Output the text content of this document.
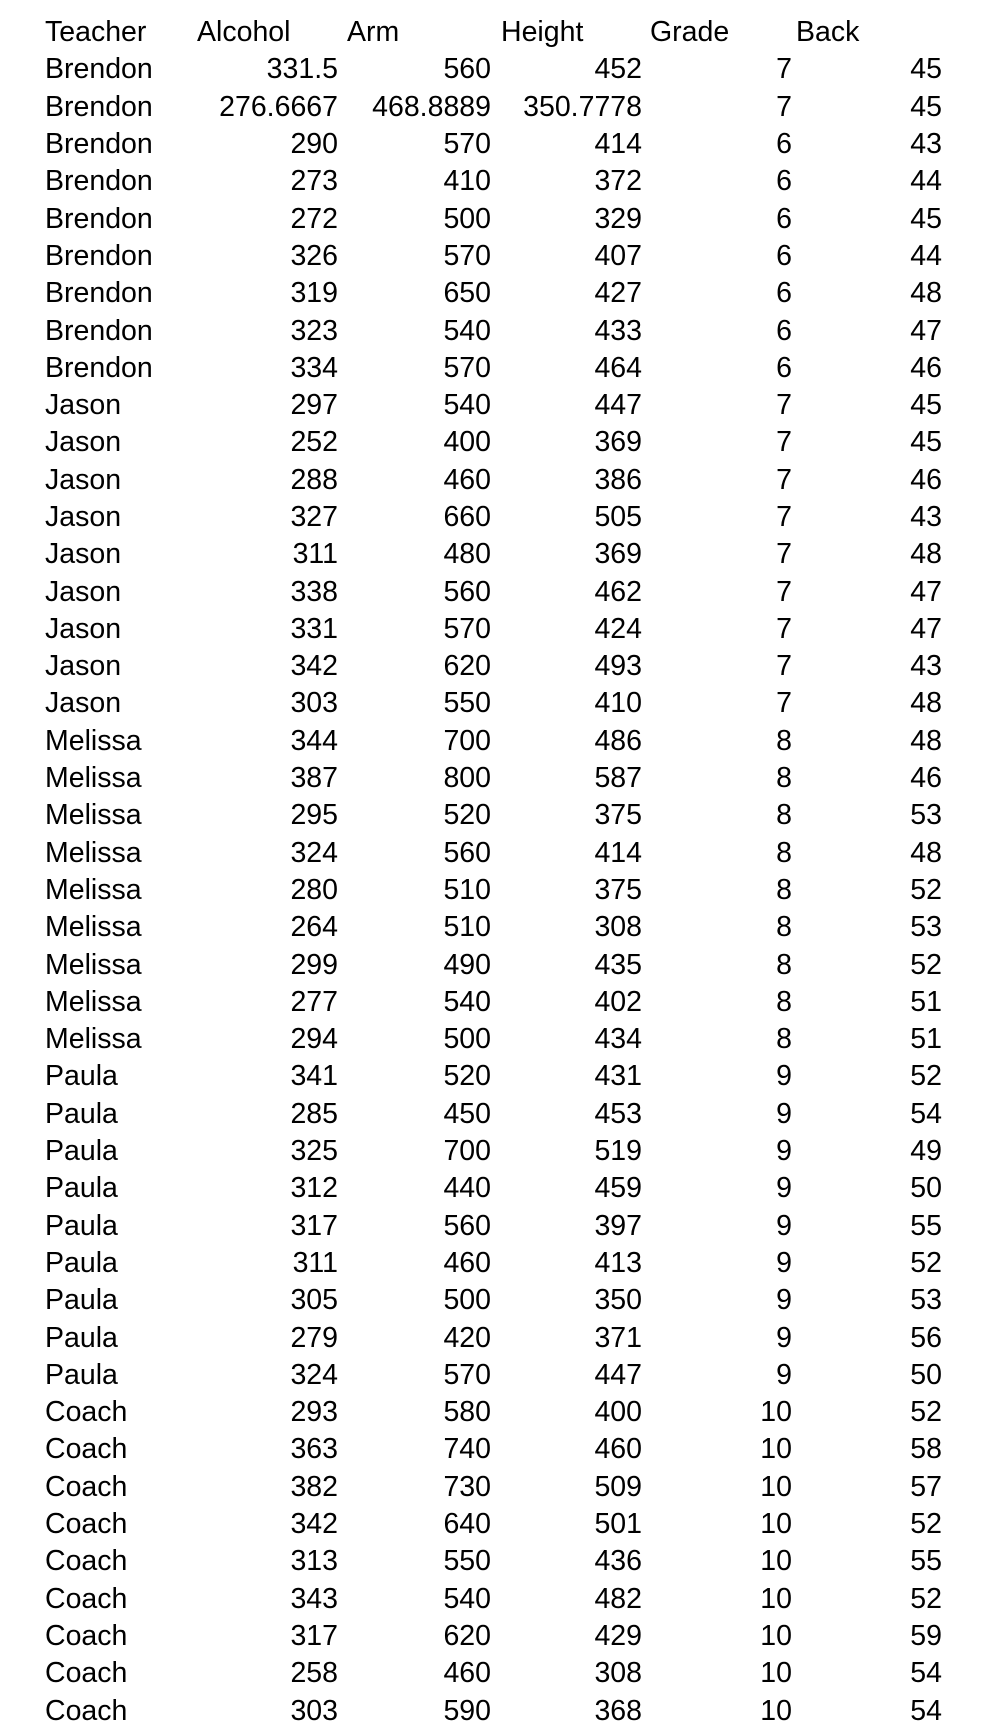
Teacher	Alcohol	Arm	Height	Grade	Back	
Brendon	331.5	560	452	7	45	
Brendon	276.6667	468.8889	350.7778	7	45	
Brendon	290	570	414	6	43	
Brendon	273	410	372	6	44	
Brendon	272	500	329	6	45	
Brendon	326	570	407	6	44	
Brendon	319	650	427	6	48	
Brendon	323	540	433	6	47	
Brendon	334	570	464	6	46	
Jason	297	540	447	7	45	
Jason	252	400	369	7	45	
Jason	288	460	386	7	46	
Jason	327	660	505	7	43	
Jason	311	480	369	7	48	
Jason	338	560	462	7	47	
Jason	331	570	424	7	47	
Jason	342	620	493	7	43	
Jason	303	550	410	7	48	
Melissa	344	700	486	8	48	
Melissa	387	800	587	8	46	
Melissa	295	520	375	8	53	
Melissa	324	560	414	8	48	
Melissa	280	510	375	8	52	
Melissa	264	510	308	8	53	
Melissa	299	490	435	8	52	
Melissa	277	540	402	8	51	
Melissa	294	500	434	8	51	
Paula	341	520	431	9	52	
Paula	285	450	453	9	54	
Paula	325	700	519	9	49	
Paula	312	440	459	9	50	
Paula	317	560	397	9	55	
Paula	311	460	413	9	52	
Paula	305	500	350	9	53	
Paula	279	420	371	9	56	
Paula	324	570	447	9	50	
Coach	293	580	400	10	52	
Coach	363	740	460	10	58	
Coach	382	730	509	10	57	
Coach	342	640	501	10	52	
Coach	313	550	436	10	55	
Coach	343	540	482	10	52	
Coach	317	620	429	10	59	
Coach	258	460	308	10	54	
Coach	303	590	368	10	54	
